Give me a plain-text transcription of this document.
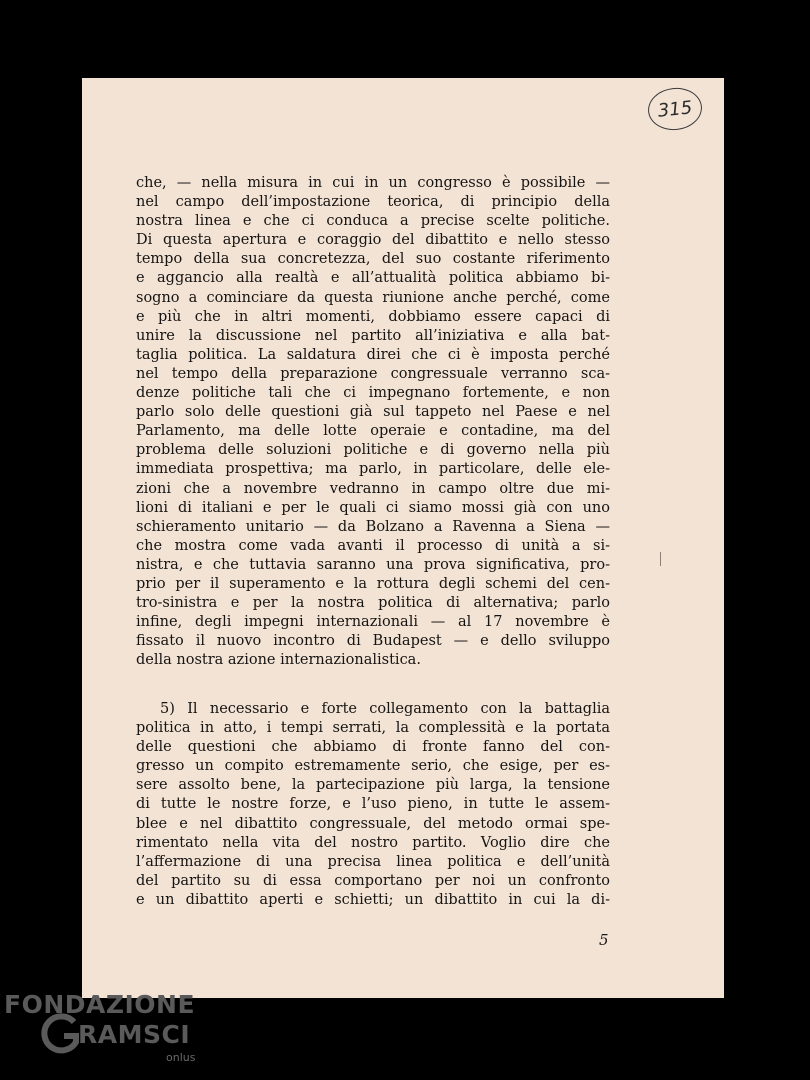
315
che, — nella misura in cui in un congresso è possibile —
nel campo dell’impostazione teorica, di principio della
nostra linea e che ci conduca a precise scelte politiche.
Di questa apertura e coraggio del dibattito e nello stesso
tempo della sua concretezza, del suo costante riferimento
e aggancio alla realtà e all’attualità politica abbiamo bi-
sogno a cominciare da questa riunione anche perché, come
e più che in altri momenti, dobbiamo essere capaci di
unire la discussione nel partito all’iniziativa e alla bat-
taglia politica. La saldatura direi che ci è imposta perché
nel tempo della preparazione congressuale verranno sca-
denze politiche tali che ci impegnano fortemente, e non
parlo solo delle questioni già sul tappeto nel Paese e nel
Parlamento, ma delle lotte operaie e contadine, ma del
problema delle soluzioni politiche e di governo nella più
immediata prospettiva; ma parlo, in particolare, delle ele-
zioni che a novembre vedranno in campo oltre due mi-
lioni di italiani e per le quali ci siamo mossi già con uno
schieramento unitario — da Bolzano a Ravenna a Siena —
che mostra come vada avanti il processo di unità a si-
nistra, e che tuttavia saranno una prova significativa, pro-
prio per il superamento e la rottura degli schemi del cen-
tro-sinistra e per la nostra politica di alternativa; parlo
infine, degli impegni internazionali — al 17 novembre è
fissato il nuovo incontro di Budapest — e dello sviluppo
della nostra azione internazionalistica.
5) Il necessario e forte collegamento con la battaglia
politica in atto, i tempi serrati, la complessità e la portata
delle questioni che abbiamo di fronte fanno del con-
gresso un compito estremamente serio, che esige, per es-
sere assolto bene, la partecipazione più larga, la tensione
di tutte le nostre forze, e l’uso pieno, in tutte le assem-
blee e nel dibattito congressuale, del metodo ormai spe-
rimentato nella vita del nostro partito. Voglio dire che
l’affermazione di una precisa linea politica e dell’unità
del partito su di essa comportano per noi un confronto
e un dibattito aperti e schietti; un dibattito in cui la di-
5
FONDAZIONE
RAMSCI
onlus
